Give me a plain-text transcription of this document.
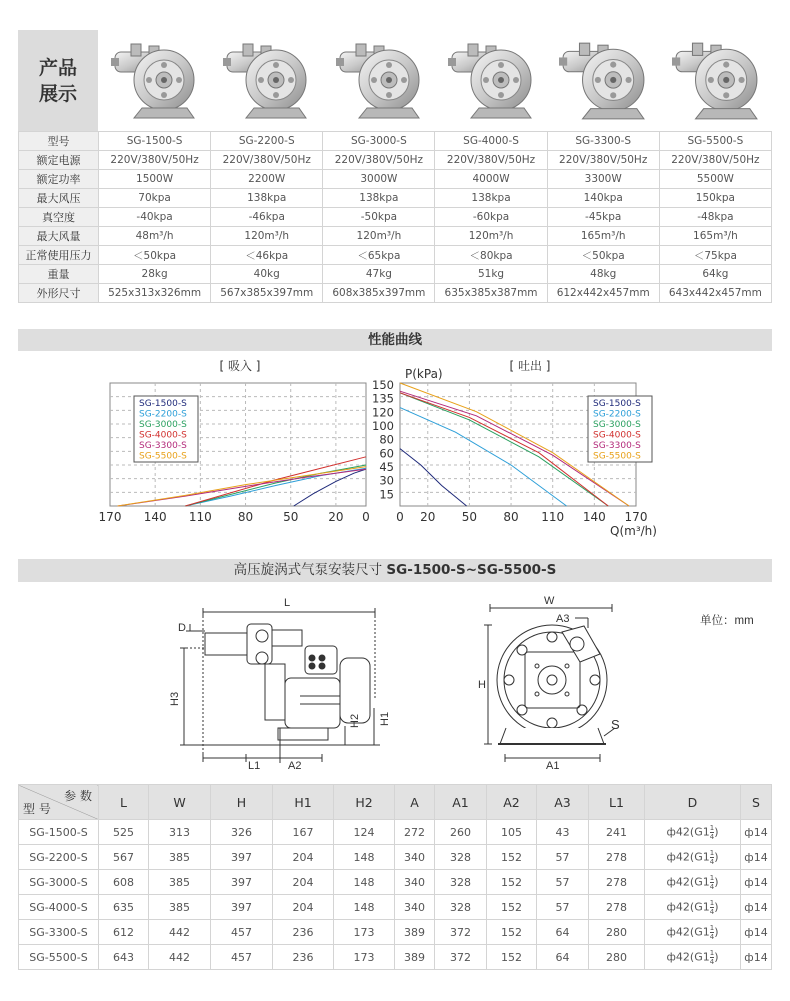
产品展示
型号	SG-1500-S	SG-2200-S	SG-3000-S	SG-4000-S	SG-3300-S	SG-5500-S
额定电源	220V/380V/50Hz	220V/380V/50Hz	220V/380V/50Hz	220V/380V/50Hz	220V/380V/50Hz	220V/380V/50Hz
额定功率	1500W	2200W	3000W	4000W	3300W	5500W
最大风压	70kpa	138kpa	138kpa	138kpa	140kpa	150kpa
真空度	-40kpa	-46kpa	-50kpa	-60kpa	-45kpa	-48kpa
最大风量	48m³/h	120m³/h	120m³/h	120m³/h	165m³/h	165m³/h
正常使用压力	＜50kpa	＜46kpa	＜65kpa	＜80kpa	＜50kpa	＜75kpa
重量	28kg	40kg	47kg	51kg	48kg	64kg
外形尺寸	525x313x326mm	567x385x397mm	608x385x397mm	635x385x387mm	612x442x457mm	643x442x457mm
性能曲线
[ 吸入 ]
170 140 110 80 50 20 0
SG-1500-S
SG-2200-S
SG-3000-S
SG-4000-S
SG-3300-S
SG-5500-S
[ 吐出 ]
P(kPa)
150
135
120
100
80
60
45
30
15
0 20 50 80 110 140 170
Q(m³/h)
SG-1500-S
SG-2200-S
SG-3000-S
SG-4000-S
SG-3300-S
SG-5500-S
高压旋涡式气泵安装尺寸 SG-1500-S~SG-5500-S
L
D
H3
H2 H1
L1	A2
W
A3
H
S
A1
单位：mm
参 数
型 号	L	W	H	H1	H2	A	A1	A2	A3	L1	D	S
SG-1500-S	525	313	326	167	124	272	260	105	43	241	$ф42(G1 \frac{1}{4}$ )	ф14
SG-2200-S	567	385	397	204	148	340	328	152	57	278	$ф42(G1 \frac{1}{4}$ )	ф14
SG-3000-S	608	385	397	204	148	340	328	152	57	278	$ф42(G1 \frac{1}{4}$ )	ф14
SG-4000-S	635	385	397	204	148	340	328	152	57	278	$ф42(G1 \frac{1}{4}$ )	ф14
SG-3300-S	612	442	457	236	173	389	372	152	64	280	$ф42(G1 \frac{1}{4}$ )	ф14
SG-5500-S	643	442	457	236	173	389	372	152	64	280	$ф42(G1 \frac{1}{4}$ )	ф14
